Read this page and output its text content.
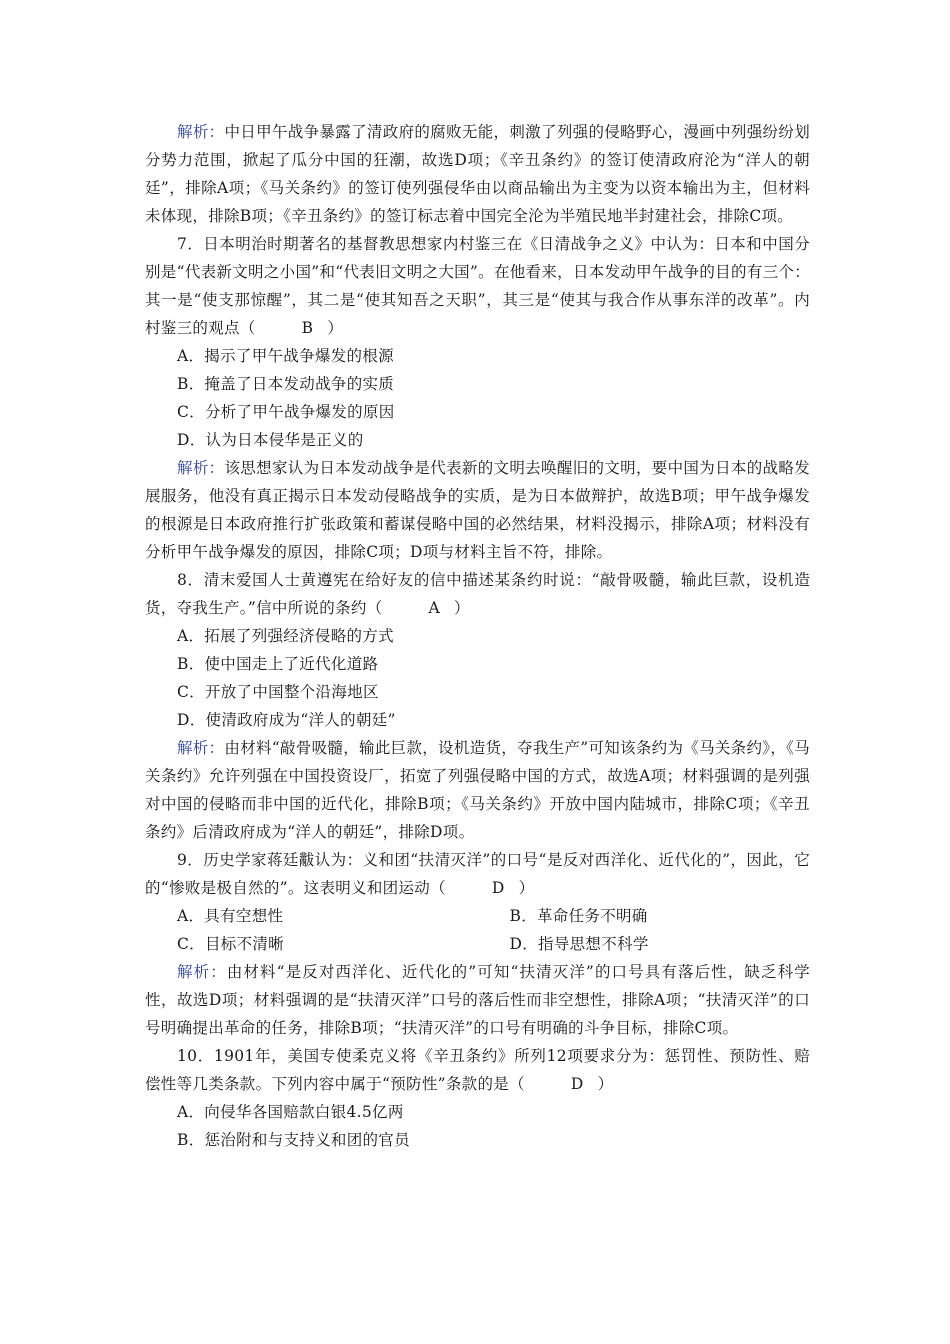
解析：中日甲午战争暴露了清政府的腐败无能，刺激了列强的侵略野心，漫画中列强纷纷划分势力范围，掀起了瓜分中国的狂潮，故选D项；《辛丑条约》的签订使清政府沦为“洋人的朝廷”，排除A项；《马关条约》的签订使列强侵华由以商品输出为主变为以资本输出为主，但材料未体现，排除B项；《辛丑条约》的签订标志着中国完全沦为半殖民地半封建社会，排除C项。

7．日本明治时期著名的基督教思想家内村鉴三在《日清战争之义》中认为：日本和中国分别是“代表新文明之小国”和“代表旧文明之大国”。在他看来，日本发动甲午战争的目的有三个：其一是“使支那惊醒”，其二是“使其知吾之天职”，其三是“使其与我合作从事东洋的改革”。内村鉴三的观点（	B ）

A．揭示了甲午战争爆发的根源

B．掩盖了日本发动战争的实质

C．分析了甲午战争爆发的原因

D．认为日本侵华是正义的

解析：该思想家认为日本发动战争是代表新的文明去唤醒旧的文明，要中国为日本的战略发展服务，他没有真正揭示日本发动侵略战争的实质，是为日本做辩护，故选B项；甲午战争爆发的根源是日本政府推行扩张政策和蓄谋侵略中国的必然结果，材料没揭示，排除A项；材料没有分析甲午战争爆发的原因，排除C项；D项与材料主旨不符，排除。

8．清末爱国人士黄遵宪在给好友的信中描述某条约时说：“敲骨吸髓，输此巨款，设机造货，夺我生产。”信中所说的条约（	A ）

A．拓展了列强经济侵略的方式

B．使中国走上了近代化道路

C．开放了中国整个沿海地区

D．使清政府成为“洋人的朝廷”

解析：由材料“敲骨吸髓，输此巨款，设机造货，夺我生产”可知该条约为《马关条约》，《马关条约》允许列强在中国投资设厂，拓宽了列强侵略中国的方式，故选A项；材料强调的是列强对中国的侵略而非中国的近代化，排除B项；《马关条约》开放中国内陆城市，排除C项；《辛丑条约》后清政府成为“洋人的朝廷”，排除D项。

9．历史学家蒋廷黻认为：义和团“扶清灭洋”的口号“是反对西洋化、近代化的”，因此，它的“惨败是极自然的”。这表明义和团运动（	D ）

A．具有空想性	B．革命任务不明确
C．目标不清晰	D．指导思想不科学

解析：由材料“是反对西洋化、近代化的”可知“扶清灭洋”的口号具有落后性，缺乏科学性，故选D项；材料强调的是“扶清灭洋”口号的落后性而非空想性，排除A项；“扶清灭洋”的口号明确提出革命的任务，排除B项；“扶清灭洋”的口号有明确的斗争目标，排除C项。

10．1901年，美国专使柔克义将《辛丑条约》所列12项要求分为：惩罚性、预防性、赔偿性等几类条款。下列内容中属于“预防性”条款的是（	D ）

A．向侵华各国赔款白银4.5亿两

B．惩治附和与支持义和团的官员
